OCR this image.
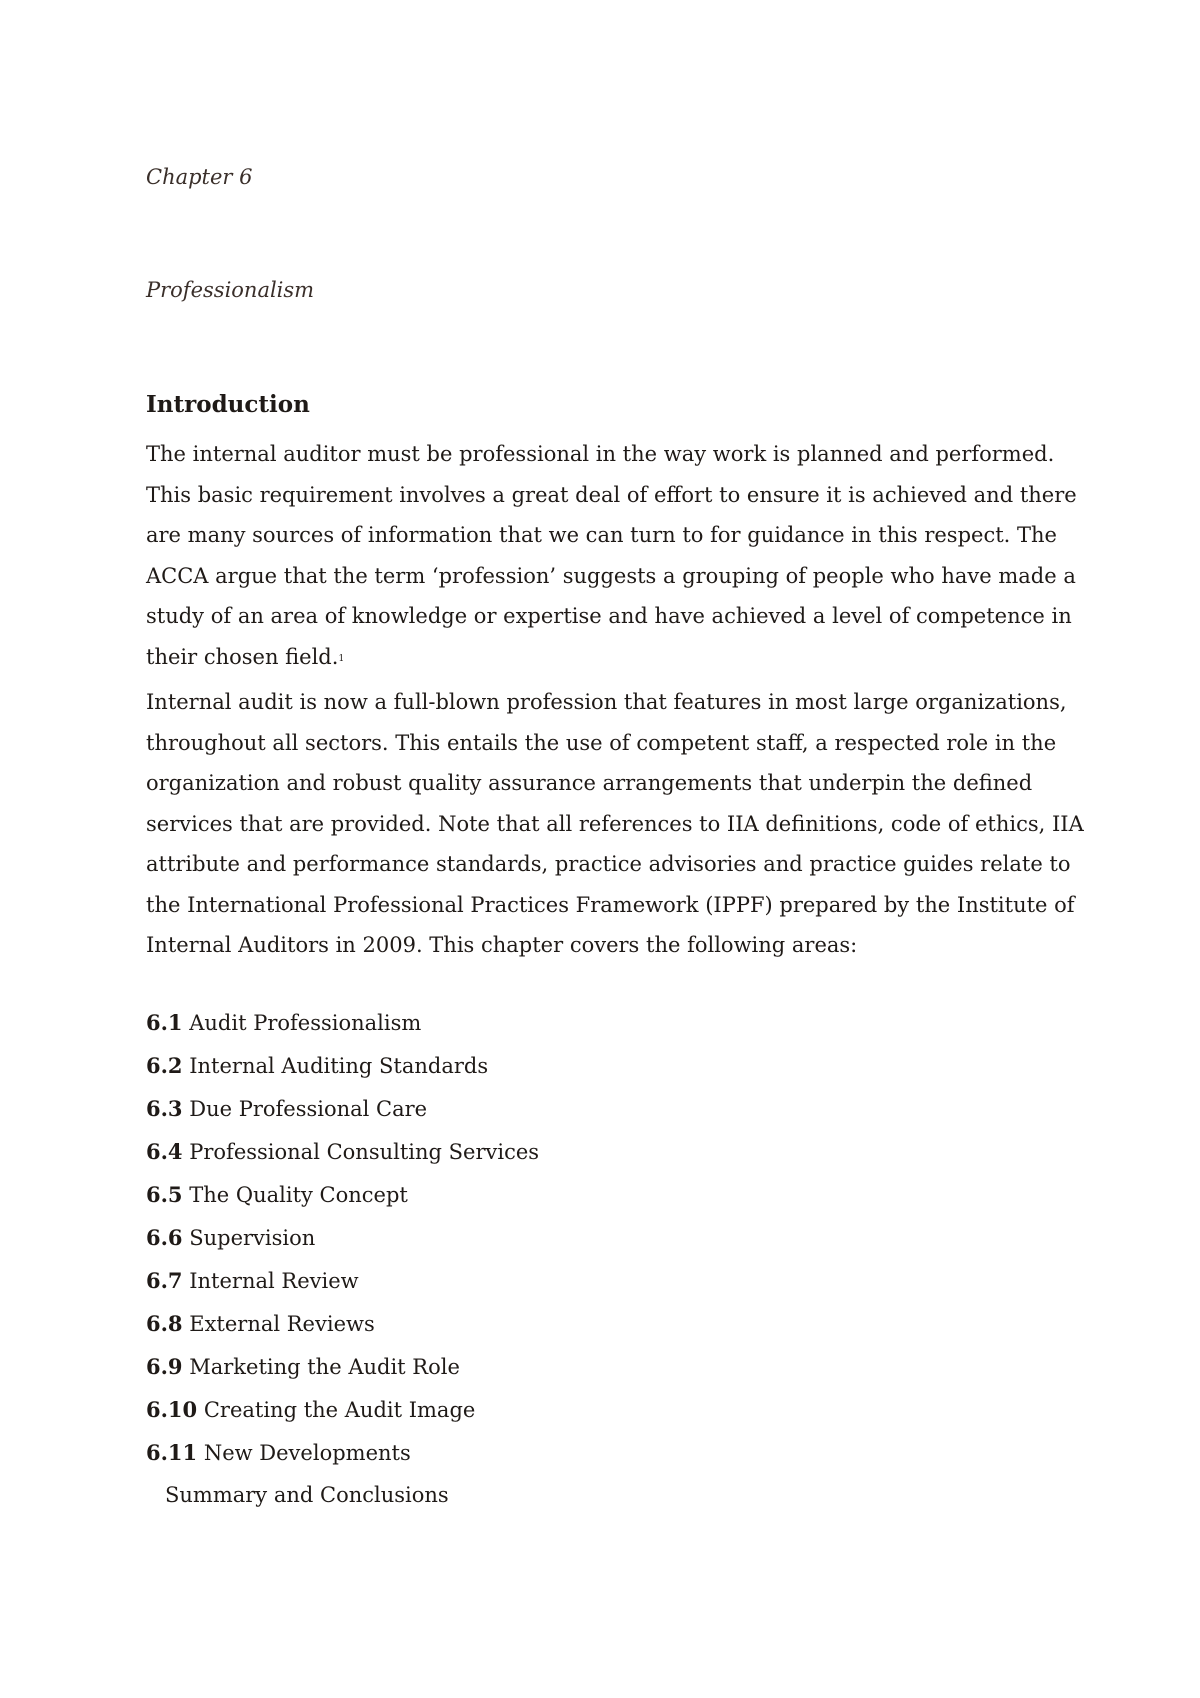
Chapter 6
Professionalism
Introduction

The internal auditor must be professional in the way work is planned and performed. This basic requirement involves a great deal of effort to ensure it is achieved and there are many sources of information that we can turn to for guidance in this respect. The ACCA argue that the term ‘profession’ suggests a grouping of people who have made a study of an area of knowledge or expertise and have achieved a level of competence in their chosen field.1

Internal audit is now a full-blown profession that features in most large organizations, throughout all sectors. This entails the use of competent staff, a respected role in the organization and robust quality assurance arrangements that underpin the defined services that are provided. Note that all references to IIA definitions, code of ethics, IIA attribute and performance standards, practice advisories and practice guides relate to the International Professional Practices Framework (IPPF) prepared by the Institute of Internal Auditors in 2009. This chapter covers the following areas:

6.1 Audit Professionalism
6.2 Internal Auditing Standards
6.3 Due Professional Care
6.4 Professional Consulting Services
6.5 The Quality Concept
6.6 Supervision
6.7 Internal Review
6.8 External Reviews
6.9 Marketing the Audit Role
6.10 Creating the Audit Image
6.11 New Developments
Summary and Conclusions
